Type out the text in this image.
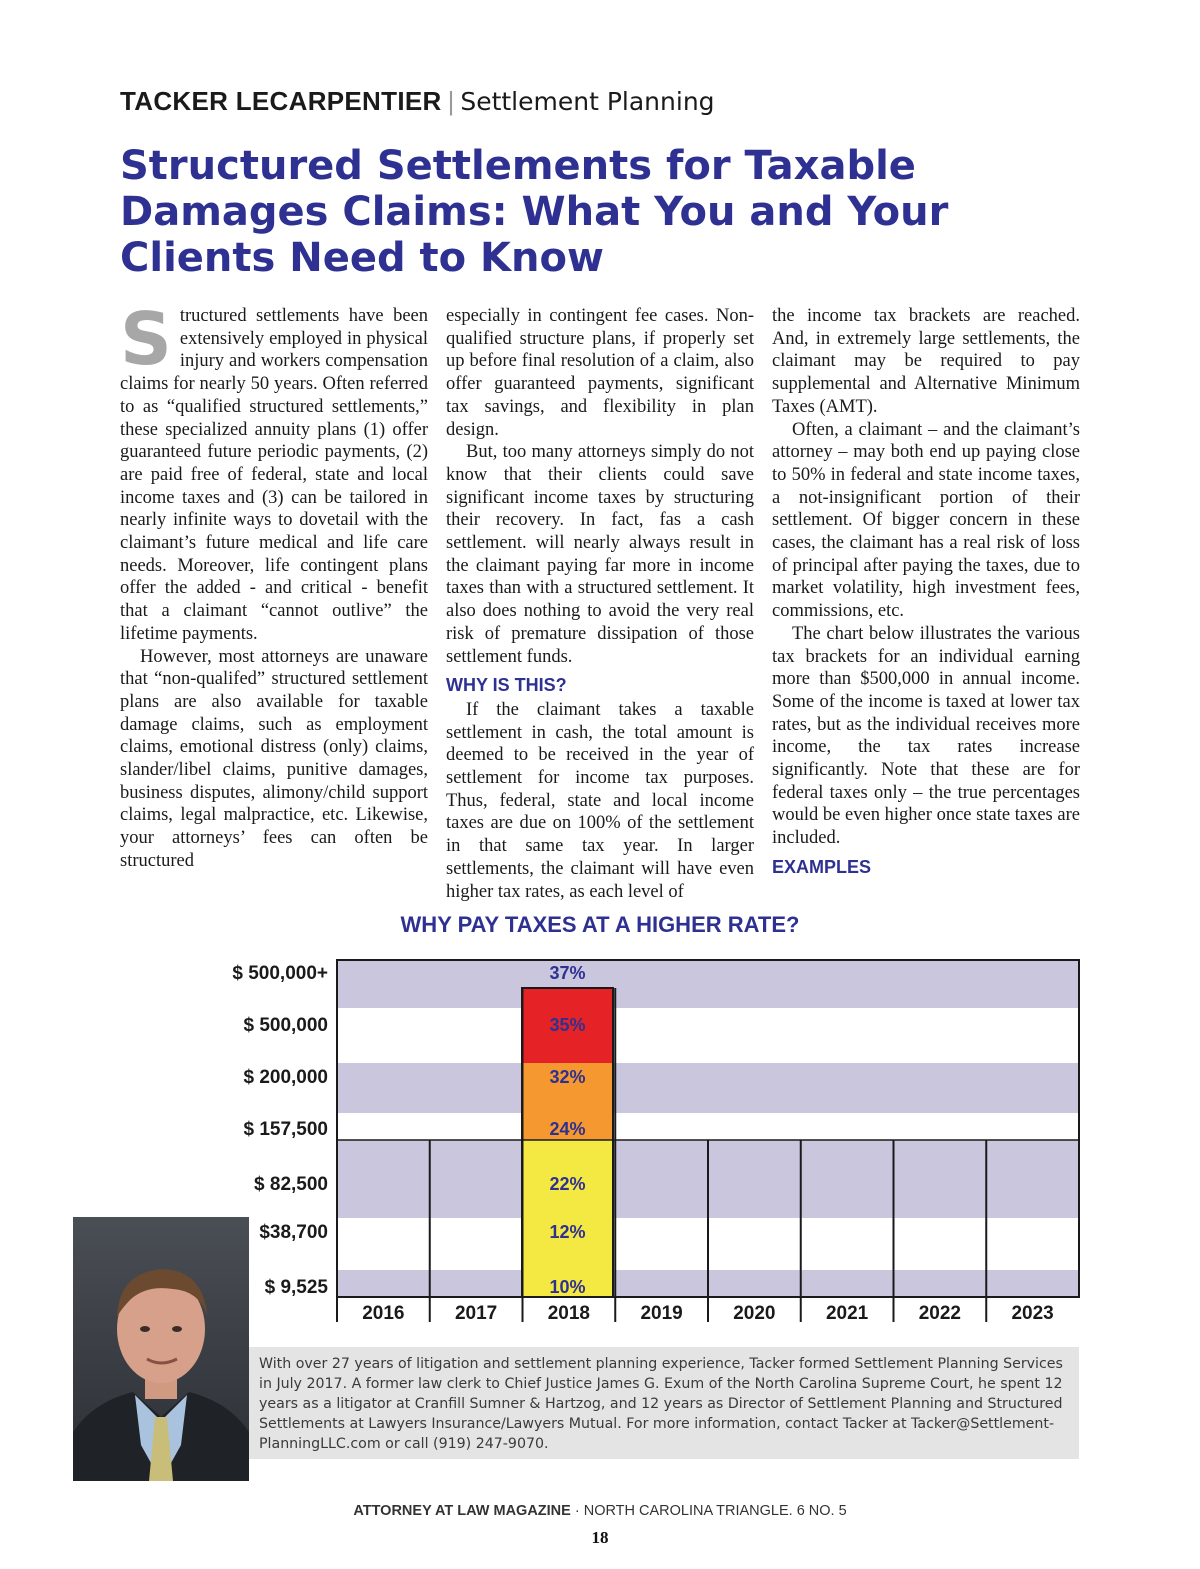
TACKER LECARPENTIER | Settlement Planning
Structured Settlements for Taxable Damages Claims: What You and Your Clients Need to Know

Structured settlements have been extensively employed in physical injury and workers compensation claims for nearly 50 years. Often referred to as “qualified structured settlements,” these specialized annuity plans (1) offer guaranteed future periodic payments, (2) are paid free of federal, state and local income taxes and (3) can be tailored in nearly infinite ways to dovetail with the claimant’s future medical and life care needs. Moreover, life contingent plans offer the added - and critical - benefit that a claimant “cannot outlive” the lifetime payments.

However, most attorneys are unaware that “non-qualifed” structured settlement plans are also available for taxable damage claims, such as employment claims, emotional distress (only) claims, slander/libel claims, punitive damages, business disputes, alimony/child support claims, legal malpractice, etc. Likewise, your attorneys’ fees can often be structured

especially in contingent fee cases. Non-qualified structure plans, if properly set up before final resolution of a claim, also offer guaranteed payments, significant tax savings, and flexibility in plan design.

But, too many attorneys simply do not know that their clients could save significant income taxes by structuring their recovery. In fact, fas a cash settlement. will nearly always result in the claimant paying far more in income taxes than with a structured settlement. It also does nothing to avoid the very real risk of premature dissipation of those settlement funds.

WHY IS THIS?

If the claimant takes a taxable settlement in cash, the total amount is deemed to be received in the year of settlement for income tax purposes. Thus, federal, state and local income taxes are due on 100% of the settlement in that same tax year. In larger settlements, the claimant will have even higher tax rates, as each level of

the income tax brackets are reached. And, in extremely large settlements, the claimant may be required to pay supplemental and Alternative Minimum Taxes (AMT).

Often, a claimant – and the claimant’s attorney – may both end up paying close to 50% in federal and state income taxes, a not-insignificant portion of their settlement. Of bigger concern in these cases, the claimant has a real risk of loss of principal after paying the taxes, due to market volatility, high investment fees, commissions, etc.

The chart below illustrates the various tax brackets for an individual earning more than $500,000 in annual income. Some of the income is taxed at lower tax rates, but as the individual receives more income, the tax rates increase significantly. Note that these are for federal taxes only – the true percentages would be even higher once state taxes are included.

EXAMPLES
WHY PAY TAXES AT A HIGHER RATE?
$ 500,000+
$ 500,000
$ 200,000
$ 157,500
$ 82,500
$38,700
$ 9,525
37%
35%
32%
24%
22%
12%
10%
2016	2017	2018	2019	2020	2021	2022	2023
With over 27 years of litigation and settlement planning experience, Tacker formed Settlement Planning Services in July 2017. A former law clerk to Chief Justice James G. Exum of the North Carolina Supreme Court, he spent 12 years as a litigator at Cranfill Sumner & Hartzog, and 12 years as Director of Settlement Planning and Structured Settlements at Lawyers Insurance/Lawyers Mutual. For more information, contact Tacker at Tacker@Settlement-PlanningLLC.com or call (919) 247-9070.
ATTORNEY AT LAW MAGAZINE · NORTH CAROLINA TRIANGLE. 6 NO. 5
18
